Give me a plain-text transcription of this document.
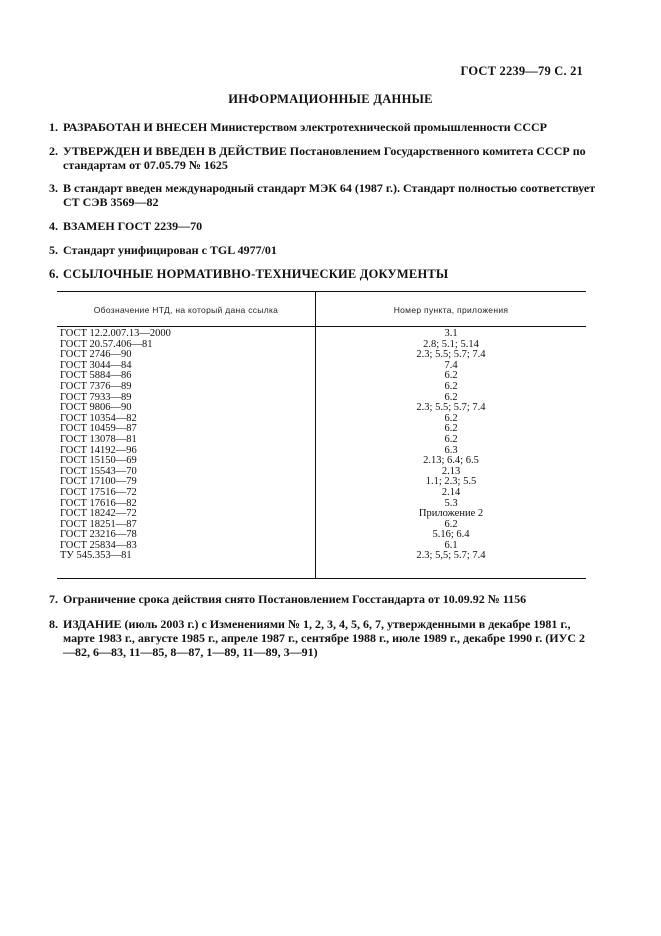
ГОСТ 2239—79 С. 21
ИНФОРМАЦИОННЫЕ ДАННЫЕ
1. РАЗРАБОТАН И ВНЕСЕН Министерством электротехнической промышленности СССР
2. УТВЕРЖДЕН И ВВЕДЕН В ДЕЙСТВИЕ Постановлением Государственного комитета СССР по стандартам от 07.05.79 № 1625
3. В стандарт введен международный стандарт МЭК 64 (1987 г.). Стандарт полностью соответствует СТ СЭВ 3569—82
4. ВЗАМЕН ГОСТ 2239—70
5. Стандарт унифицирован с TGL 4977/01
6. ССЫЛОЧНЫЕ НОРМАТИВНО-ТЕХНИЧЕСКИЕ ДОКУМЕНТЫ
Обозначение НТД, на который дана ссылка	Номер пункта, приложения
ГОСТ 12.2.007.13—2000	3.1
ГОСТ 20.57.406—81	2.8; 5.1; 5.14
ГОСТ 2746—90	2.3; 5.5; 5.7; 7.4
ГОСТ 3044—84	7.4
ГОСТ 5884—86	6.2
ГОСТ 7376—89	6.2
ГОСТ 7933—89	6.2
ГОСТ 9806—90	2.3; 5.5; 5.7; 7.4
ГОСТ 10354—82	6.2
ГОСТ 10459—87	6.2
ГОСТ 13078—81	6.2
ГОСТ 14192—96	6.3
ГОСТ 15150—69	2.13; 6.4; 6.5
ГОСТ 15543—70	2.13
ГОСТ 17100—79	1.1; 2.3; 5.5
ГОСТ 17516—72	2.14
ГОСТ 17616—82	5.3
ГОСТ 18242—72	Приложение 2
ГОСТ 18251—87	6.2
ГОСТ 23216—78	5.16; 6.4
ГОСТ 25834—83	6.1
ТУ 545.353—81	2.3; 5,5; 5.7; 7.4
7. Ограничение срока действия снято Постановлением Госстандарта от 10.09.92 № 1156
8. ИЗДАНИЕ (июль 2003 г.) с Изменениями № 1, 2, 3, 4, 5, 6, 7, утвержденными в декабре 1981 г., марте 1983 г., августе 1985 г., апреле 1987 г., сентябре 1988 г., июле 1989 г., декабре 1990 г. (ИУС 2—82, 6—83, 11—85, 8—87, 1—89, 11—89, 3—91)
